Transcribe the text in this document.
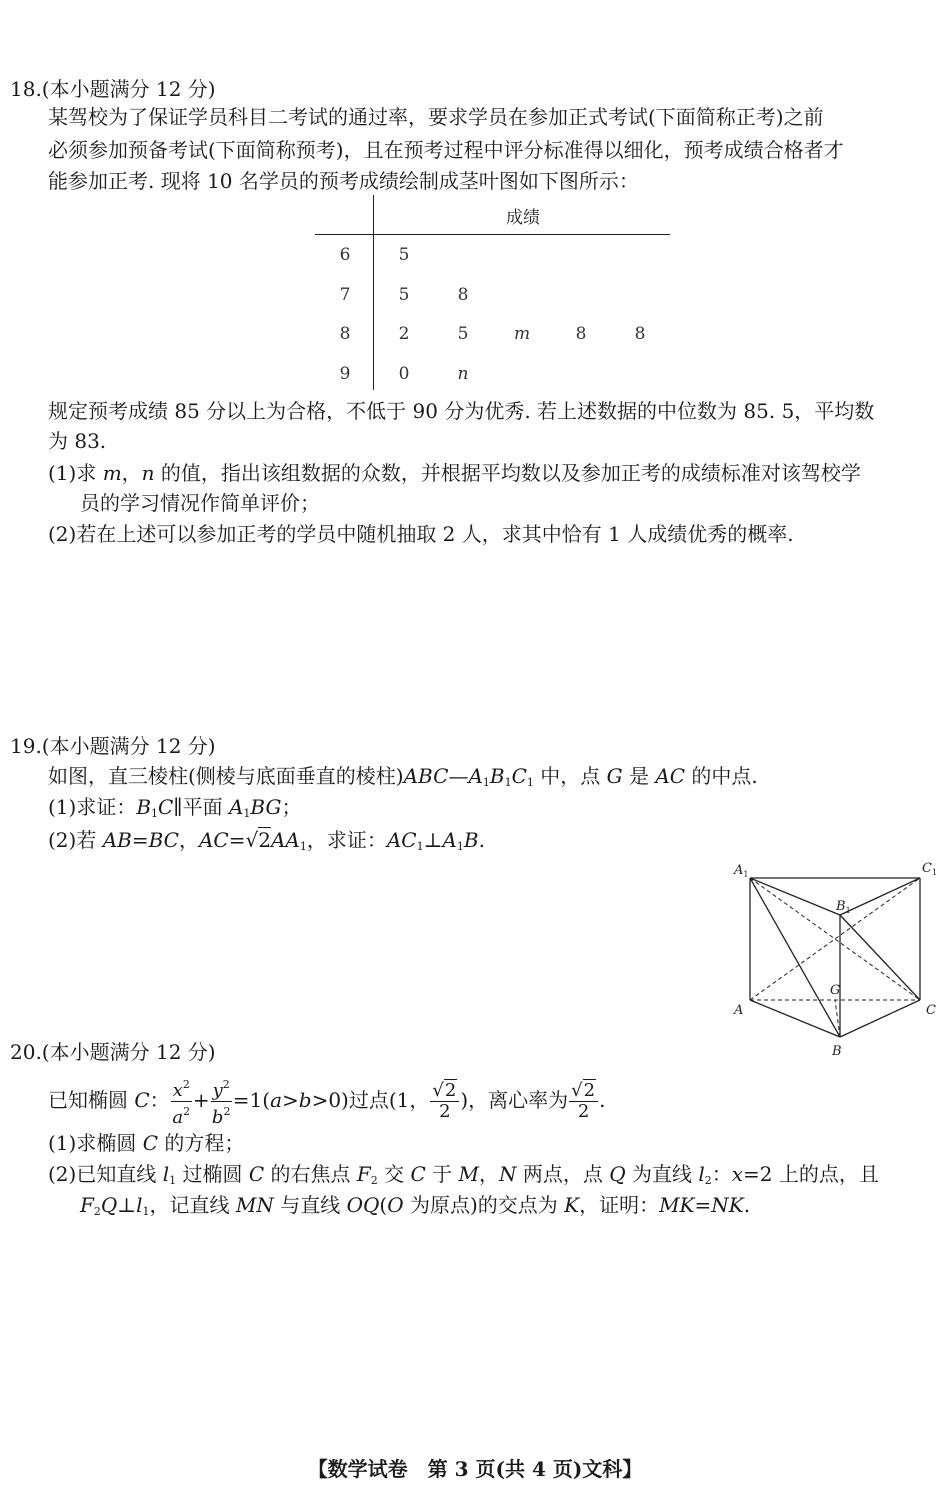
18.(本小题满分 12 分)
某驾校为了保证学员科目二考试的通过率，要求学员在参加正式考试(下面简称正考)之前
必须参加预备考试(下面简称预考)，且在预考过程中评分标准得以细化，预考成绩合格者才
能参加正考. 现将 10 名学员的预考成绩绘制成茎叶图如下图所示：
成绩
6	5
7	5	8
8	2	5	m	8	8
9	0	n
规定预考成绩 85 分以上为合格，不低于 90 分为优秀. 若上述数据的中位数为 85. 5，平均数
为 83.
(1)求 m，n 的值，指出该组数据的众数，并根据平均数以及参加正考的成绩标准对该驾校学
员的学习情况作简单评价；
(2)若在上述可以参加正考的学员中随机抽取 2 人，求其中恰有 1 人成绩优秀的概率.
19.(本小题满分 12 分)
如图，直三棱柱(侧棱与底面垂直的棱柱)$ABC—A_1B_1C_1$ 中，点 G 是 AC 的中点.
(1)求证：$B_1C\parallel$平面 $A_1BG$；
(2)若 AB=BC，$AC=√2AA_1$，求证：$AC_1\perp A_1B$.
$A_1$	$C_1$
$B_1$
A	C
B
G
20.(本小题满分 12 分)
已知椭圆 C： $\frac{x^2}{a^2} + \frac{y^2}{b^2} =1(a>b>0)$过点(1， $\frac{√2}{2}$ )，离心率为 $\frac{√2}{2}$ .
(1)求椭圆 C 的方程；
(2)已知直线 $l_1$ 过椭圆 C 的右焦点 $F_2$ 交 C 于 M，N 两点，点 Q 为直线 $l_2$：x=2 上的点，且
$F_2Q\perp l_1$，记直线 MN 与直线 OQ(O 为原点)的交点为 K，证明：MK=NK.
【数学试卷　第 3 页(共 4 页)文科】
